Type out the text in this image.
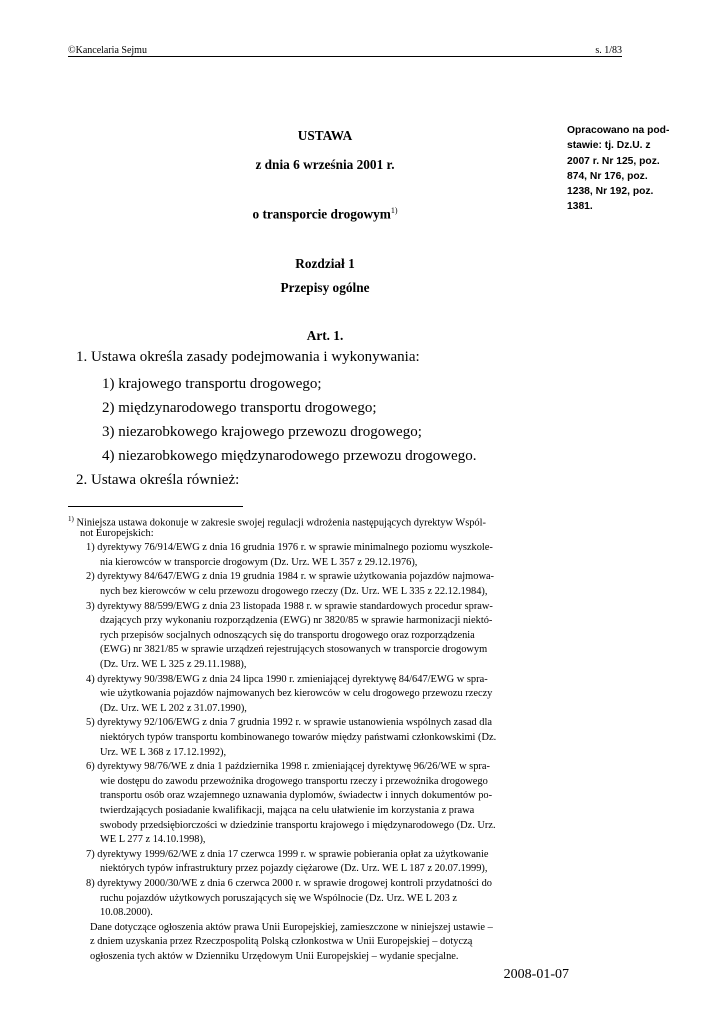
©Kancelaria Sejmu	s. 1/83
USTAWA
z dnia 6 września 2001 r.
o transporcie drogowym$^{1)}$
Rozdział 1
Przepisy ogólne
Opracowano na pod-
stawie: tj. Dz.U. z
2007 r. Nr 125, poz.
874, Nr 176, poz.
1238, Nr 192, poz.
1381.
Art. 1.
1. Ustawa określa zasady podejmowania i wykonywania:
1) krajowego transportu drogowego;
2) międzynarodowego transportu drogowego;
3) niezarobkowego krajowego przewozu drogowego;
4) niezarobkowego międzynarodowego przewozu drogowego.
2. Ustawa określa również:
$^{1)}$ Niniejsza ustawa dokonuje w zakresie swojej regulacji wdrożenia następujących dyrektyw Wspól-
not Europejskich:
1) dyrektywy 76/914/EWG z dnia 16 grudnia 1976 r. w sprawie minimalnego poziomu wyszkole-
nia kierowców w transporcie drogowym (Dz. Urz. WE L 357 z 29.12.1976),
2) dyrektywy 84/647/EWG z dnia 19 grudnia 1984 r. w sprawie użytkowania pojazdów najmowa-
nych bez kierowców w celu przewozu drogowego rzeczy (Dz. Urz. WE L 335 z 22.12.1984),
3) dyrektywy 88/599/EWG z dnia 23 listopada 1988 r. w sprawie standardowych procedur spraw-
dzających przy wykonaniu rozporządzenia (EWG) nr 3820/85 w sprawie harmonizacji niektó-
rych przepisów socjalnych odnoszących się do transportu drogowego oraz rozporządzenia
(EWG) nr 3821/85 w sprawie urządzeń rejestrujących stosowanych w transporcie drogowym
(Dz. Urz. WE L 325 z 29.11.1988),
4) dyrektywy 90/398/EWG z dnia 24 lipca 1990 r. zmieniającej dyrektywę 84/647/EWG w spra-
wie użytkowania pojazdów najmowanych bez kierowców w celu drogowego przewozu rzeczy
(Dz. Urz. WE L 202 z 31.07.1990),
5) dyrektywy 92/106/EWG z dnia 7 grudnia 1992 r. w sprawie ustanowienia wspólnych zasad dla
niektórych typów transportu kombinowanego towarów między państwami członkowskimi (Dz.
Urz. WE L 368 z 17.12.1992),
6) dyrektywy 98/76/WE z dnia 1 października 1998 r. zmieniającej dyrektywę 96/26/WE w spra-
wie dostępu do zawodu przewoźnika drogowego transportu rzeczy i przewoźnika drogowego
transportu osób oraz wzajemnego uznawania dyplomów, świadectw i innych dokumentów po-
twierdzających posiadanie kwalifikacji, mająca na celu ułatwienie im korzystania z prawa
swobody przedsiębiorczości w dziedzinie transportu krajowego i międzynarodowego (Dz. Urz.
WE L 277 z 14.10.1998),
7) dyrektywy 1999/62/WE z dnia 17 czerwca 1999 r. w sprawie pobierania opłat za użytkowanie
niektórych typów infrastruktury przez pojazdy ciężarowe (Dz. Urz. WE L 187 z 20.07.1999),
8) dyrektywy 2000/30/WE z dnia 6 czerwca 2000 r. w sprawie drogowej kontroli przydatności do
ruchu pojazdów użytkowych poruszających się we Wspólnocie (Dz. Urz. WE L 203 z
10.08.2000).
Dane dotyczące ogłoszenia aktów prawa Unii Europejskiej, zamieszczone w niniejszej ustawie –
z dniem uzyskania przez Rzeczpospolitą Polską członkostwa w Unii Europejskiej – dotyczą
ogłoszenia tych aktów w Dzienniku Urzędowym Unii Europejskiej – wydanie specjalne.
2008-01-07
